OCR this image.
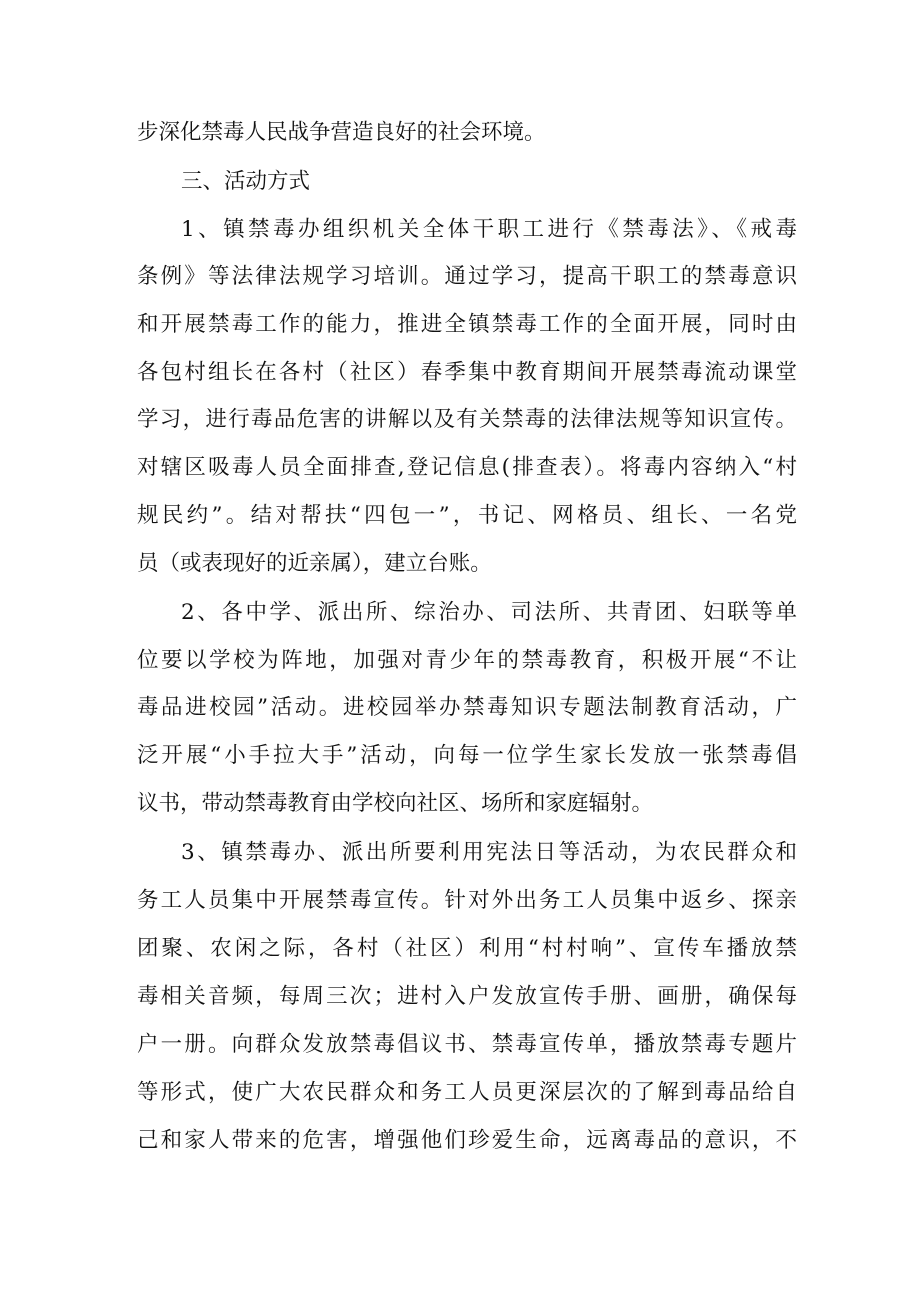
步深化禁毒人民战争营造良好的社会环境。
三、活动方式
1、镇禁毒办组织机关全体干职工进行《禁毒法》、《戒毒
条例》等法律法规学习培训。通过学习，提高干职工的禁毒意识
和开展禁毒工作的能力，推进全镇禁毒工作的全面开展，同时由
各包村组长在各村（社区）春季集中教育期间开展禁毒流动课堂
学习，进行毒品危害的讲解以及有关禁毒的法律法规等知识宣传。
对辖区吸毒人员全面排查,登记信息(排查表）。将毒内容纳入“村
规民约”。结对帮扶“四包一”，书记、网格员、组长、一名党
员（或表现好的近亲属），建立台账。
2、各中学、派出所、综治办、司法所、共青团、妇联等单
位要以学校为阵地，加强对青少年的禁毒教育，积极开展“不让
毒品进校园”活动。进校园举办禁毒知识专题法制教育活动，广
泛开展“小手拉大手”活动，向每一位学生家长发放一张禁毒倡
议书，带动禁毒教育由学校向社区、场所和家庭辐射。
3、镇禁毒办、派出所要利用宪法日等活动，为农民群众和
务工人员集中开展禁毒宣传。针对外出务工人员集中返乡、探亲
团聚、农闲之际，各村（社区）利用“村村响”、宣传车播放禁
毒相关音频，每周三次；进村入户发放宣传手册、画册，确保每
户一册。向群众发放禁毒倡议书、禁毒宣传单，播放禁毒专题片
等形式，使广大农民群众和务工人员更深层次的了解到毒品给自
己和家人带来的危害，增强他们珍爱生命，远离毒品的意识，不
